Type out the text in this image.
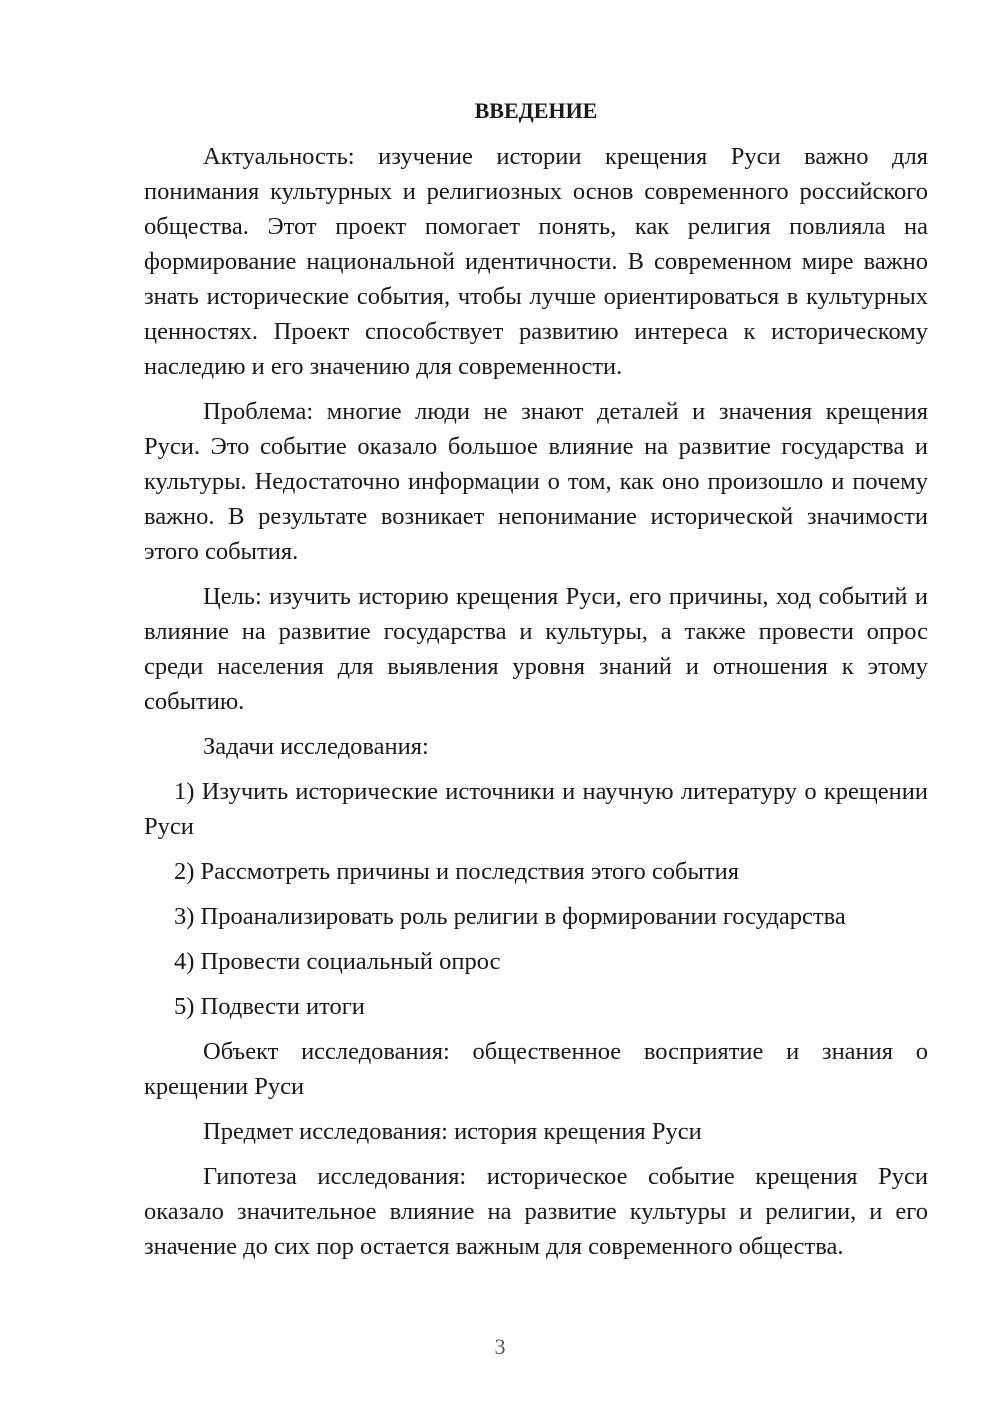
ВВЕДЕНИЕ

Актуальность: изучение истории крещения Руси важно для понимания культурных и религиозных основ современного российского общества. Этот проект помогает понять, как религия повлияла на формирование национальной идентичности. В современном мире важно знать исторические события, чтобы лучше ориентироваться в культурных ценностях. Проект способствует развитию интереса к историческому наследию и его значению для современности.

Проблема: многие люди не знают деталей и значения крещения Руси. Это событие оказало большое влияние на развитие государства и культуры. Недостаточно информации о том, как оно произошло и почему важно. В результате возникает непонимание исторической значимости этого события.

Цель: изучить историю крещения Руси, его причины, ход событий и влияние на развитие государства и культуры, а также провести опрос среди населения для выявления уровня знаний и отношения к этому событию.

Задачи исследования:

1) Изучить исторические источники и научную литературу о крещении Руси

2) Рассмотреть причины и последствия этого события

3) Проанализировать роль религии в формировании государства

4) Провести социальный опрос

5) Подвести итоги

Объект исследования: общественное восприятие и знания о крещении Руси

Предмет исследования: история крещения Руси

Гипотеза исследования: историческое событие крещения Руси оказало значительное влияние на развитие культуры и религии, и его значение до сих пор остается важным для современного общества.

3
